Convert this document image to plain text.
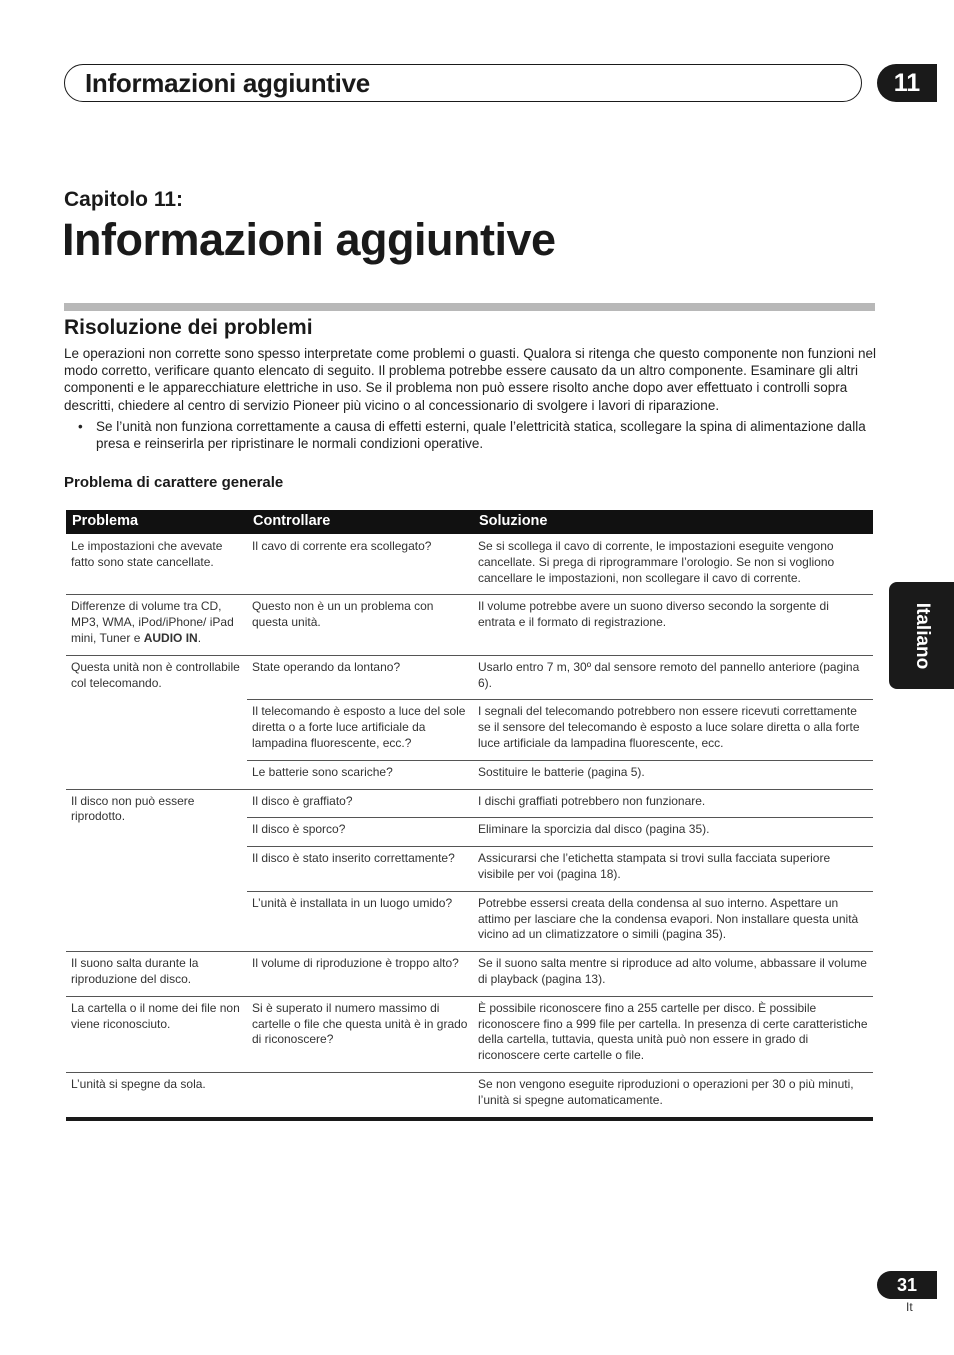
Informazioni aggiuntive	11
Capitolo 11:
Informazioni aggiuntive
Risoluzione dei problemi

Le operazioni non corrette sono spesso interpretate come problemi o guasti. Qualora si ritenga che questo componente non funzioni nel modo corretto, verificare quanto elencato di seguito. Il problema potrebbe essere causato da un altro componente. Esaminare gli altri componenti e le apparecchiature elettriche in uso. Se il problema non può essere risolto anche dopo aver effettuato i controlli sopra descritti, chiedere al centro di servizio Pioneer più vicino o al concessionario di svolgere i lavori di riparazione.

• Se l’unità non funziona correttamente a causa di effetti esterni, quale l’elettricità statica, scollegare la spina di alimentazione dalla presa e reinserirla per ripristinare le normali condizioni operative.
Problema di carattere generale
Problema	Controllare	Soluzione
Le impostazioni che avevate fatto sono state cancellate.	Il cavo di corrente era scollegato?	Se si scollega il cavo di corrente, le impostazioni eseguite vengono cancellate. Si prega di riprogrammare l’orologio. Se non si vogliono cancellare le impostazioni, non scollegare il cavo di corrente.
Differenze di volume tra CD, MP3, WMA, iPod/iPhone/ iPad mini, Tuner e AUDIO IN.	Questo non è un un problema con questa unità.	Il volume potrebbe avere un suono diverso secondo la sorgente di entrata e il formato di registrazione.
Questa unità non è controllabile col telecomando.	State operando da lontano?	Usarlo entro 7 m, 30º dal sensore remoto del pannello anteriore (pagina 6).
	Il telecomando è esposto a luce del sole diretta o a forte luce artificiale da lampadina fluorescente, ecc.?	I segnali del telecomando potrebbero non essere ricevuti correttamente se il sensore del telecomando è esposto a luce solare diretta o alla forte luce artificiale da lampadina fluorescente, ecc.
	Le batterie sono scariche?	Sostituire le batterie (pagina 5).
Il disco non può essere riprodotto.	Il disco è graffiato?	I dischi graffiati potrebbero non funzionare.
	Il disco è sporco?	Eliminare la sporcizia dal disco (pagina 35).
	Il disco è stato inserito correttamente?	Assicurarsi che l’etichetta stampata si trovi sulla facciata superiore visibile per voi (pagina 18).
	L’unità è installata in un luogo umido?	Potrebbe essersi creata della condensa al suo interno. Aspettare un attimo per lasciare che la condensa evapori. Non installare questa unità vicino ad un climatizzatore o simili (pagina 35).
Il suono salta durante la riproduzione del disco.	Il volume di riproduzione è troppo alto?	Se il suono salta mentre si riproduce ad alto volume, abbassare il volume di playback (pagina 13).
La cartella o il nome dei file non viene riconosciuto.	Si è superato il numero massimo di cartelle o file che questa unità è in grado di riconoscere?	È possibile riconoscere fino a 255 cartelle per disco. È possibile riconoscere fino a 999 file per cartella. In presenza di certe caratteristiche della cartella, tuttavia, questa unità può non essere in grado di riconoscere certe cartelle o file.
L’unità si spegne da sola.		Se non vengono eseguite riproduzioni o operazioni per 30 o più minuti, l’unità si spegne automaticamente.
Italiano
31
It
